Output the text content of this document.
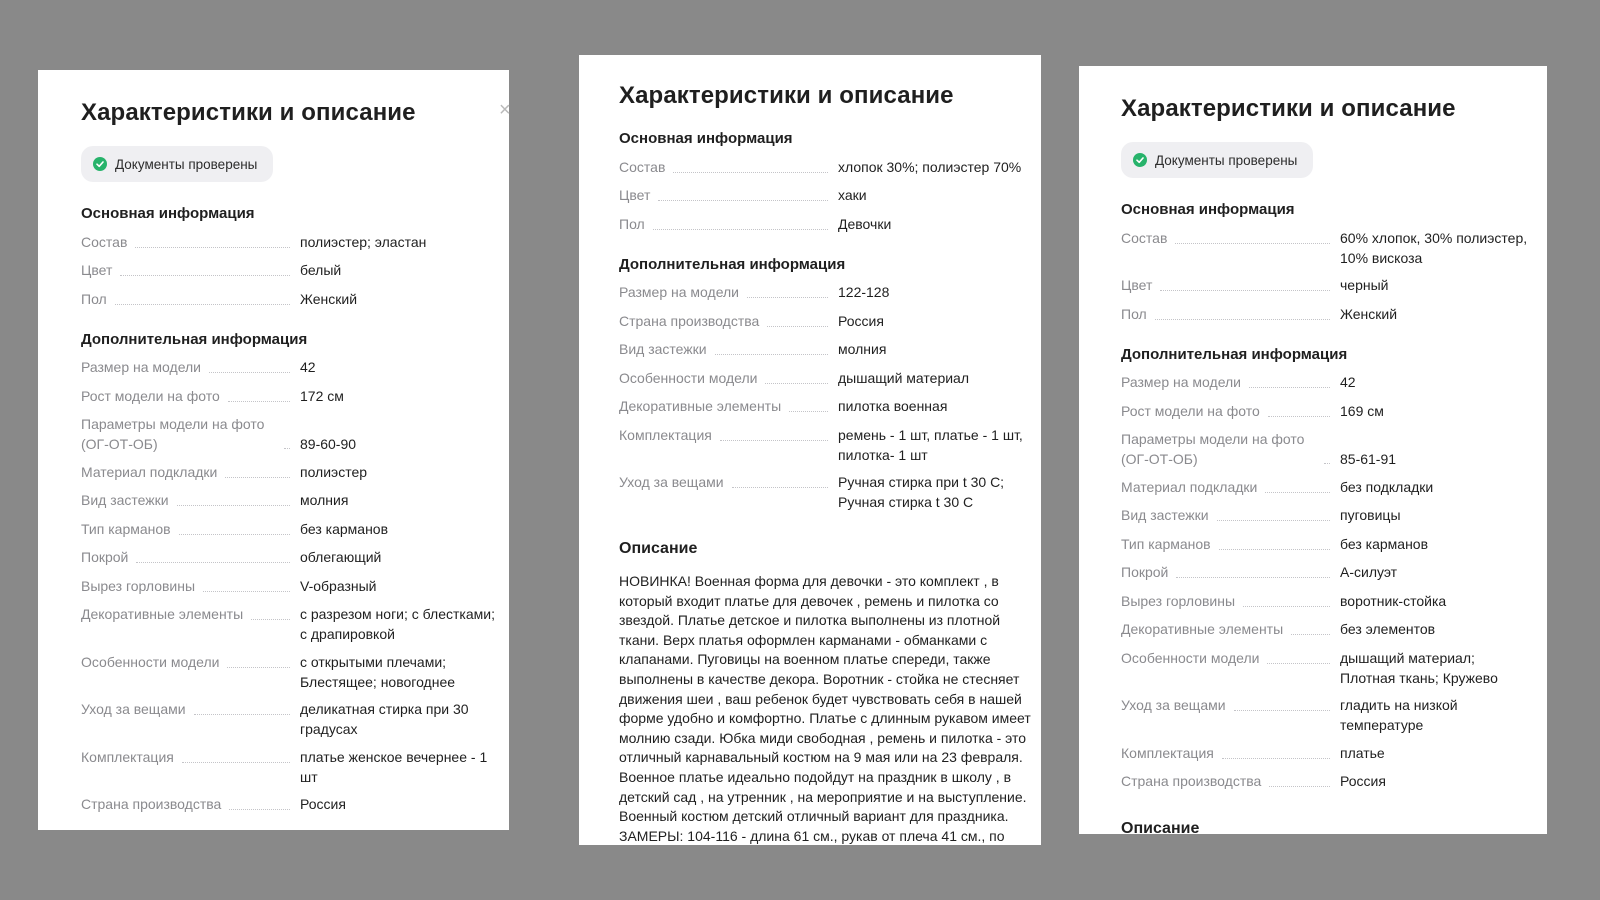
×
Характеристики и описание
Документы проверены
Основная информация
Состав	полиэстер; эластан
Цвет	белый
Пол	Женский
Дополнительная информация
Размер на модели	42
Рост модели на фото	172 см
Параметры модели на фото (ОГ-ОТ-ОБ)	89-60-90
Материал подкладки	полиэстер
Вид застежки	молния
Тип карманов	без карманов
Покрой	облегающий
Вырез горловины	V-образный
Декоративные элементы	с разрезом ноги; с блестками; с драпировкой
Особенности модели	с открытыми плечами; Блестящее; новогоднее
Уход за вещами	деликатная стирка при 30 градусах
Комплектация	платье женское вечернее - 1 шт
Страна производства	Россия
Характеристики и описание
Основная информация
Состав	хлопок 30%; полиэстер 70%
Цвет	хаки
Пол	Девочки
Дополнительная информация
Размер на модели	122-128
Страна производства	Россия
Вид застежки	молния
Особенности модели	дышащий материал
Декоративные элементы	пилотка военная
Комплектация	ремень - 1 шт, платье - 1 шт, пилотка- 1 шт
Уход за вещами	Ручная стирка при t 30 С; Ручная стирка t 30 С
Описание
НОВИНКА! Военная форма для девочки - это комплект , в который входит платье для девочек , ремень и пилотка со звездой. Платье детское и пилотка выполнены из плотной ткани. Верх платья оформлен карманами - обманками с клапанами. Пуговицы на военном платье спереди, также выполнены в качестве декора. Воротник - стойка не стесняет движения шеи , ваш ребенок будет чувствовать себя в нашей форме удобно и комфортно. Платье с длинным рукавом имеет молнию сзади. Юбка миди свободная , ремень и пилотка - это отличный карнавальный костюм на 9 мая или на 23 февраля. Военное платье идеально подойдут на праздник в школу , в детский сад , на утренник , на мероприятие и на выступление. Военный костюм детский отличный вариант для праздника. ЗАМЕРЫ: 104-116 - длина 61 см., рукав от плеча 41 см., по
Характеристики и описание
Документы проверены
Основная информация
Состав	60% хлопок, 30% полиэстер, 10% вискоза
Цвет	черный
Пол	Женский
Дополнительная информация
Размер на модели	42
Рост модели на фото	169 см
Параметры модели на фото (ОГ-ОТ-ОБ)	85-61-91
Материал подкладки	без подкладки
Вид застежки	пуговицы
Тип карманов	без карманов
Покрой	А-силуэт
Вырез горловины	воротник-стойка
Декоративные элементы	без элементов
Особенности модели	дышащий материал; Плотная ткань; Кружево
Уход за вещами	гладить на низкой температуре
Комплектация	платье
Страна производства	Россия
Описание
